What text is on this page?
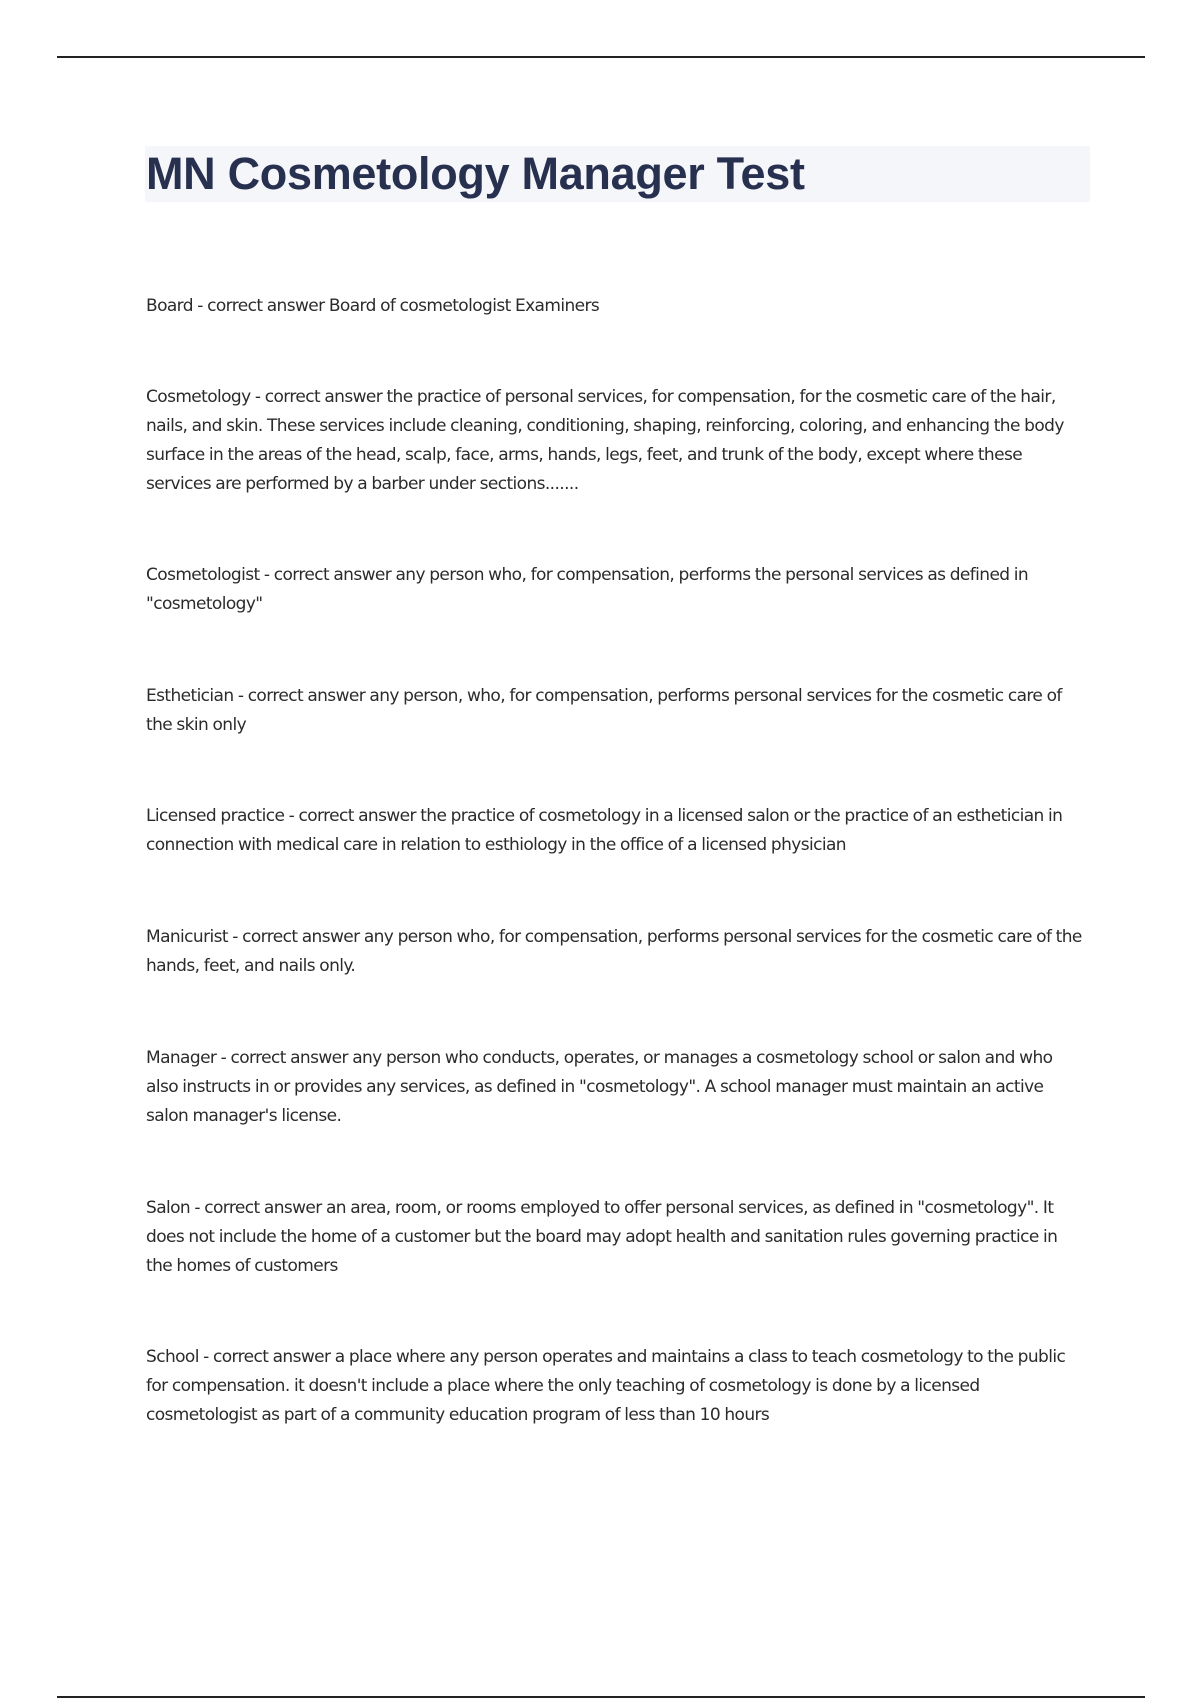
MN Cosmetology Manager Test

Board - correct answer Board of cosmetologist Examiners

Cosmetology - correct answer the practice of personal services, for compensation, for the cosmetic care of the hair, nails, and skin. These services include cleaning, conditioning, shaping, reinforcing, coloring, and enhancing the body surface in the areas of the head, scalp, face, arms, hands, legs, feet, and trunk of the body, except where these services are performed by a barber under sections.......

Cosmetologist - correct answer any person who, for compensation, performs the personal services as defined in "cosmetology"

Esthetician - correct answer any person, who, for compensation, performs personal services for the cosmetic care of the skin only

Licensed practice - correct answer the practice of cosmetology in a licensed salon or the practice of an esthetician in connection with medical care in relation to esthiology in the office of a licensed physician

Manicurist - correct answer any person who, for compensation, performs personal services for the cosmetic care of the hands, feet, and nails only.

Manager - correct answer any person who conducts, operates, or manages a cosmetology school or salon and who also instructs in or provides any services, as defined in "cosmetology". A school manager must maintain an active salon manager's license.

Salon - correct answer an area, room, or rooms employed to offer personal services, as defined in "cosmetology". It does not include the home of a customer but the board may adopt health and sanitation rules governing practice in the homes of customers

School - correct answer a place where any person operates and maintains a class to teach cosmetology to the public for compensation. it doesn't include a place where the only teaching of cosmetology is done by a licensed cosmetologist as part of a community education program of less than 10 hours
